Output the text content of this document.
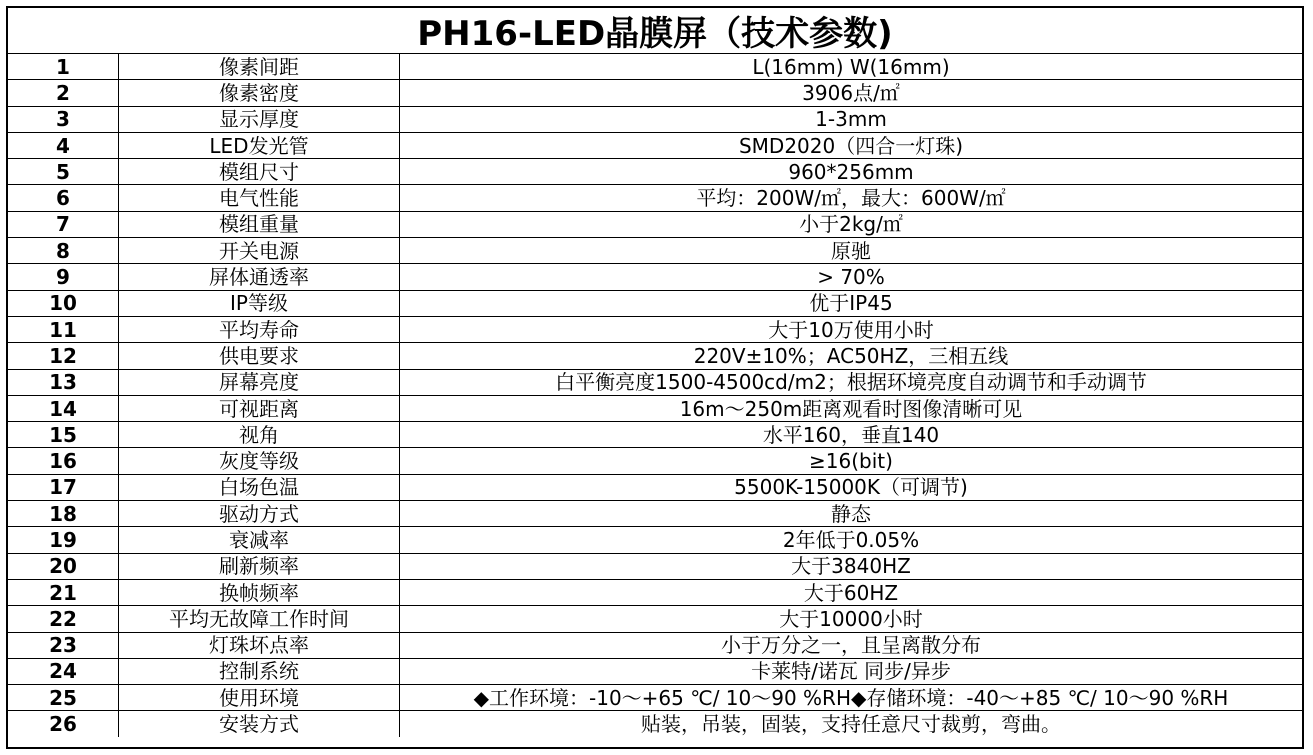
PH16-LED晶膜屏（技术参数)
1	像素间距	L(16mm) W(16mm)
2	像素密度	3906点/㎡
3	显示厚度	1-3mm
4	LED发光管	SMD2020（四合一灯珠)
5	模组尺寸	960*256mm
6	电气性能	平均：200W/㎡，最大：600W/㎡
7	模组重量	小于2kg/㎡
8	开关电源	原驰
9	屏体通透率	> 70%
10	IP等级	优于IP45
11	平均寿命	大于10万使用小时
12	供电要求	220V±10%；AC50HZ，三相五线
13	屏幕亮度	白平衡亮度1500-4500cd/m2；根据环境亮度自动调节和手动调节
14	可视距离	16m～250m距离观看时图像清晰可见
15	视角	水平160，垂直140
16	灰度等级	≥16(bit)
17	白场色温	5500K-15000K（可调节)
18	驱动方式	静态
19	衰减率	2年低于0.05%
20	刷新频率	大于3840HZ
21	换帧频率	大于60HZ
22	平均无故障工作时间	大于10000小时
23	灯珠坏点率	小于万分之一，且呈离散分布
24	控制系统	卡莱特/诺瓦 同步/异步
25	使用环境	◆工作环境：-10～+65 ℃/ 10～90 %RH◆存储环境：-40～+85 ℃/ 10～90 %RH
26	安装方式	贴装，吊装，固装，支持任意尺寸裁剪，弯曲。
